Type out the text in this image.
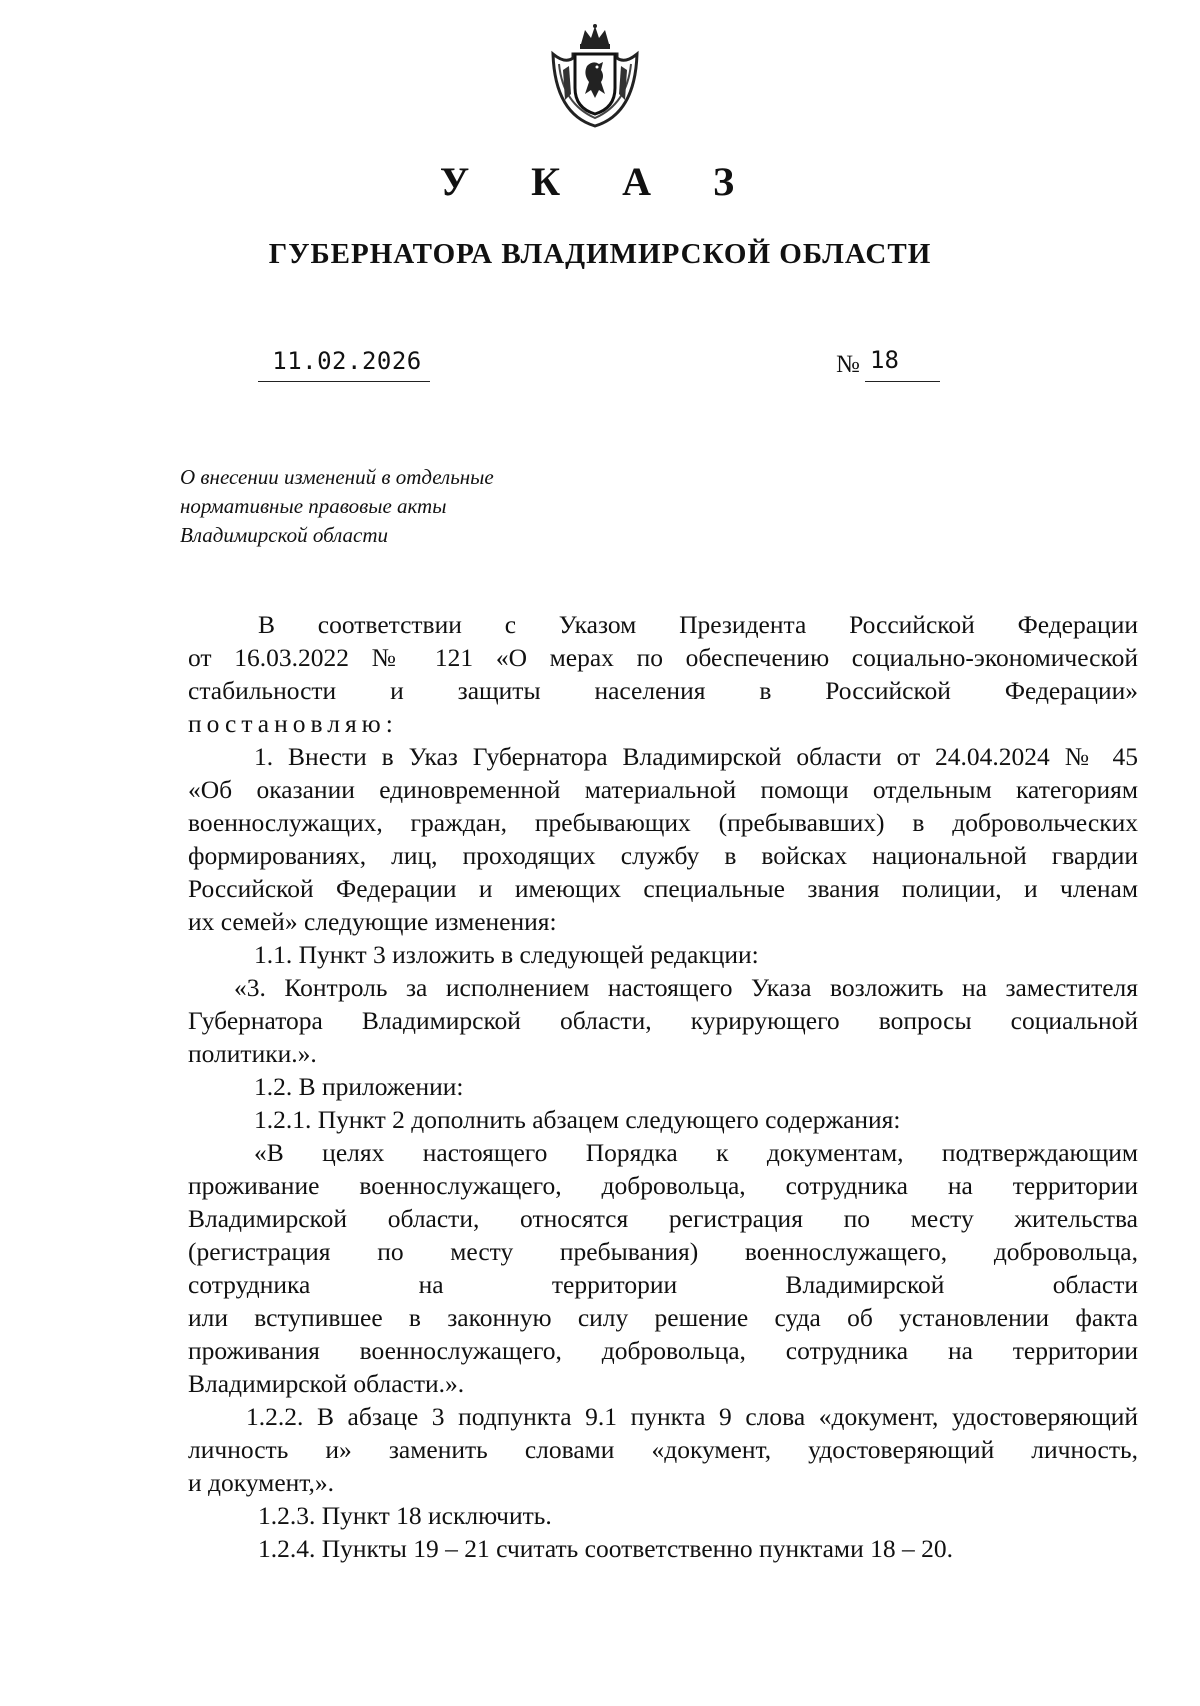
У К А З
ГУБЕРНАТОРА ВЛАДИМИРСКОЙ ОБЛАСТИ
11.02.2026	№ 18
О внесении изменений в отдельные
нормативные правовые акты
Владимирской области
В соответствии с Указом Президента Российской Федерации
от 16.03.2022 № 121 «О мерах по обеспечению социально-экономической
стабильности и защиты населения в Российской Федерации»
постановляю:
1. Внести в Указ Губернатора Владимирской области от 24.04.2024 № 45
«Об оказании единовременной материальной помощи отдельным категориям
военнослужащих, граждан, пребывающих (пребывавших) в добровольческих
формированиях, лиц, проходящих службу в войсках национальной гвардии
Российской Федерации и имеющих специальные звания полиции, и членам
их семей» следующие изменения:
1.1. Пункт 3 изложить в следующей редакции:
«3. Контроль за исполнением настоящего Указа возложить на заместителя
Губернатора Владимирской области, курирующего вопросы социальной
политики.».
1.2. В приложении:
1.2.1. Пункт 2 дополнить абзацем следующего содержания:
«В целях настоящего Порядка к документам, подтверждающим
проживание военнослужащего, добровольца, сотрудника на территории
Владимирской области, относятся регистрация по месту жительства
(регистрация по месту пребывания) военнослужащего, добровольца,
сотрудника на территории Владимирской области
или вступившее в законную силу решение суда об установлении факта
проживания военнослужащего, добровольца, сотрудника на территории
Владимирской области.».
1.2.2. В абзаце 3 подпункта 9.1 пункта 9 слова «документ, удостоверяющий
личность и» заменить словами «документ, удостоверяющий личность,
и документ,».
1.2.3. Пункт 18 исключить.
1.2.4. Пункты 19 – 21 считать соответственно пунктами 18 – 20.
